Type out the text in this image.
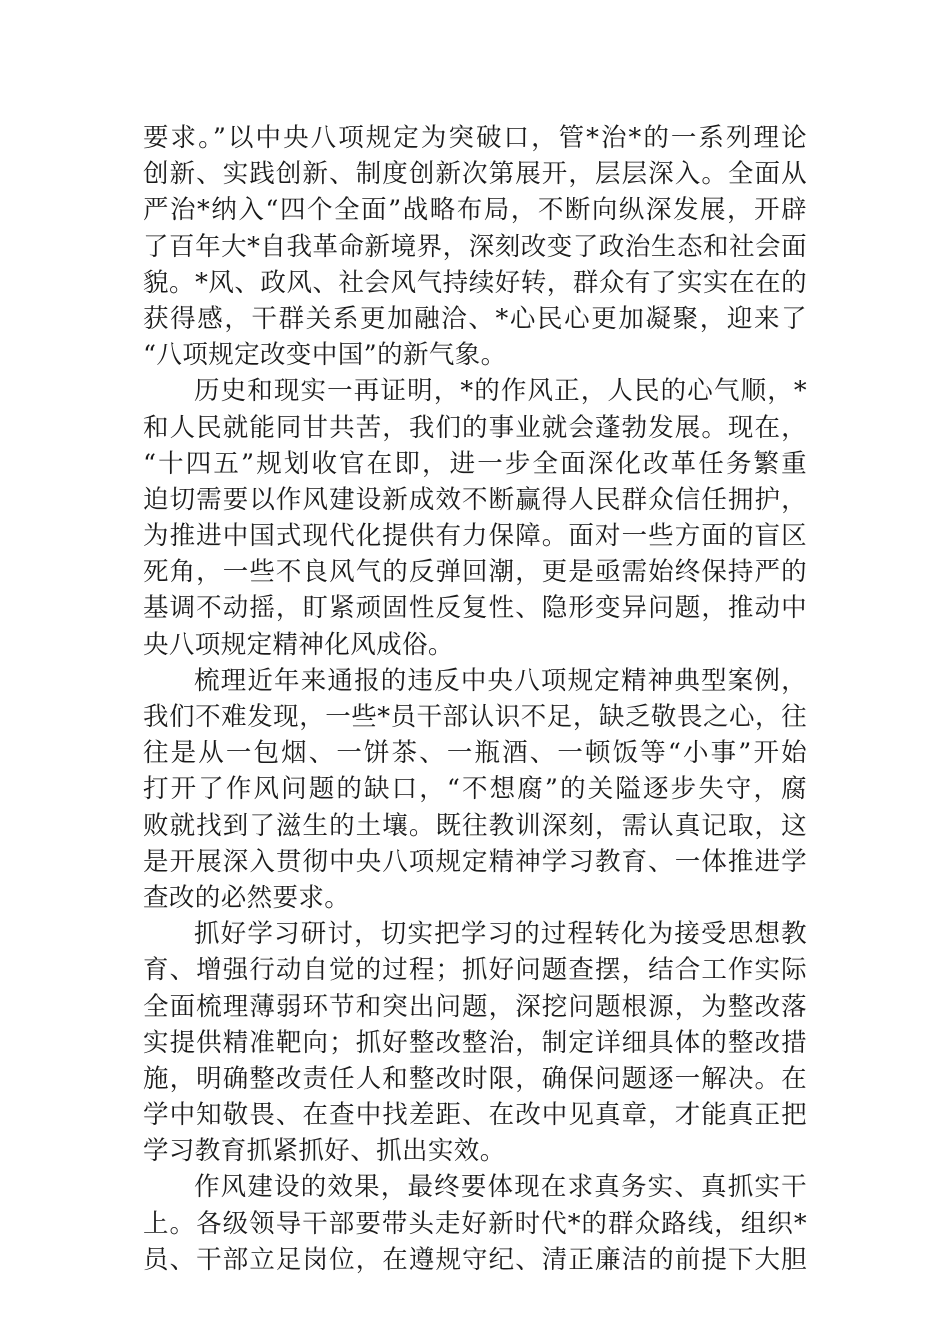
要求。”以中央八项规定为突破口，管*治*的一系列理论
创新、实践创新、制度创新次第展开，层层深入。全面从
严治*纳入“四个全面”战略布局，不断向纵深发展，开辟
了百年大*自我革命新境界，深刻改变了政治生态和社会面
貌。*风、政风、社会风气持续好转，群众有了实实在在的
获得感，干群关系更加融洽、*心民心更加凝聚，迎来了
“八项规定改变中国”的新气象。
历史和现实一再证明，*的作风正，人民的心气顺，*
和人民就能同甘共苦，我们的事业就会蓬勃发展。现在，
“十四五”规划收官在即，进一步全面深化改革任务繁重
迫切需要以作风建设新成效不断赢得人民群众信任拥护，
为推进中国式现代化提供有力保障。面对一些方面的盲区
死角，一些不良风气的反弹回潮，更是亟需始终保持严的
基调不动摇，盯紧顽固性反复性、隐形变异问题，推动中
央八项规定精神化风成俗。
梳理近年来通报的违反中央八项规定精神典型案例，
我们不难发现，一些*员干部认识不足，缺乏敬畏之心，往
往是从一包烟、一饼茶、一瓶酒、一顿饭等“小事”开始
打开了作风问题的缺口，“不想腐”的关隘逐步失守，腐
败就找到了滋生的土壤。既往教训深刻，需认真记取，这
是开展深入贯彻中央八项规定精神学习教育、一体推进学
查改的必然要求。
抓好学习研讨，切实把学习的过程转化为接受思想教
育、增强行动自觉的过程；抓好问题查摆，结合工作实际
全面梳理薄弱环节和突出问题，深挖问题根源，为整改落
实提供精准靶向；抓好整改整治，制定详细具体的整改措
施，明确整改责任人和整改时限，确保问题逐一解决。在
学中知敬畏、在查中找差距、在改中见真章，才能真正把
学习教育抓紧抓好、抓出实效。
作风建设的效果，最终要体现在求真务实、真抓实干
上。各级领导干部要带头走好新时代*的群众路线，组织*
员、干部立足岗位，在遵规守纪、清正廉洁的前提下大胆
